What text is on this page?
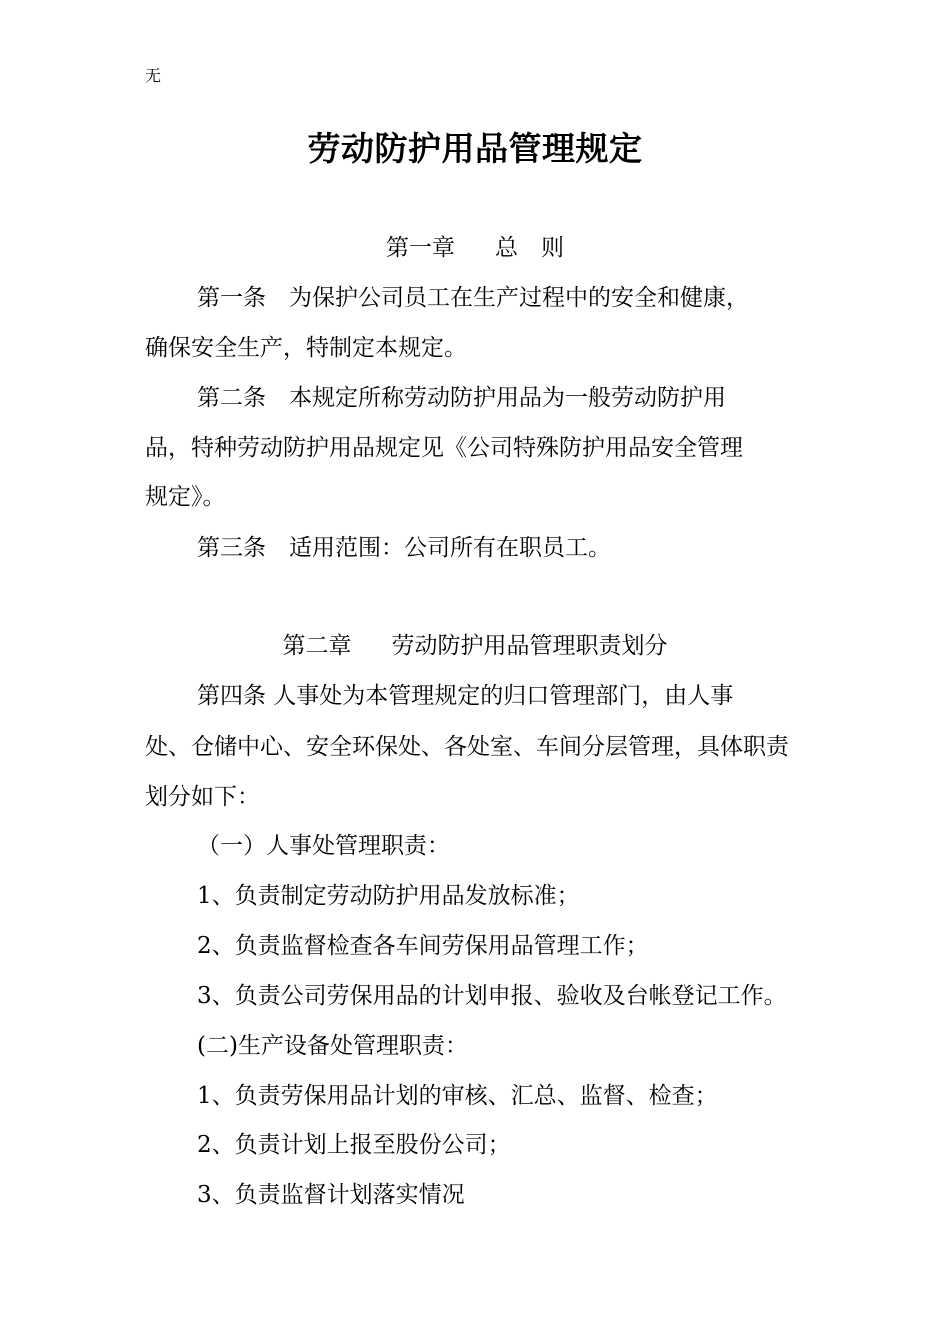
无
劳动防护用品管理规定
第一章 总　则
第一条　为保护公司员工在生产过程中的安全和健康，
确保安全生产，特制定本规定。
第二条　本规定所称劳动防护用品为一般劳动防护用
品，特种劳动防护用品规定见《公司特殊防护用品安全管理
规定》。
第三条　适用范围：公司所有在职员工。
第二章 劳动防护用品管理职责划分
第四条 人事处为本管理规定的归口管理部门，由人事
处、仓储中心、安全环保处、各处室、车间分层管理，具体职责
划分如下：
（一）人事处管理职责：
1、负责制定劳动防护用品发放标准；
2、负责监督检查各车间劳保用品管理工作；
3、负责公司劳保用品的计划申报、验收及台帐登记工作。
(二)生产设备处管理职责：
1、负责劳保用品计划的审核、汇总、监督、检查；
2、负责计划上报至股份公司；
3、负责监督计划落实情况
